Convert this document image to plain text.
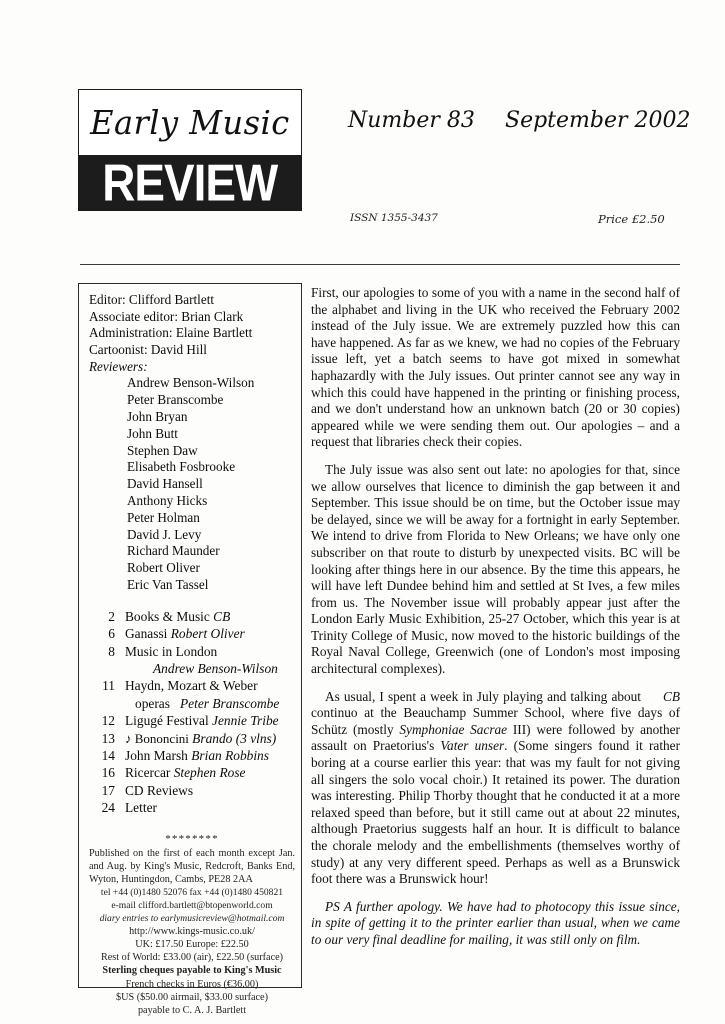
Early Music
REVIEW
Number 83 September 2002
ISSN 1355-3437	Price £2.50
Editor: Clifford Bartlett
Associate editor: Brian Clark
Administration: Elaine Bartlett
Cartoonist: David Hill
Reviewers:
Andrew Benson-Wilson
Peter Branscombe
John Bryan
John Butt
Stephen Daw
Elisabeth Fosbrooke
David Hansell
Anthony Hicks
Peter Holman
David J. Levy
Richard Maunder
Robert Oliver
Eric Van Tassel
2 Books & Music CB
6 Ganassi Robert Oliver
8 Music in London
Andrew Benson-Wilson
11 Haydn, Mozart & Weber
operas Peter Branscombe
12 Ligugé Festival Jennie Tribe
13 ♪ Bononcini Brando (3 vlns)
14 John Marsh Brian Robbins
16 Ricercar Stephen Rose
17 CD Reviews
24 Letter
********
Published on the first of each month except Jan. and Aug. by King's Music, Redcroft, Banks End, Wyton, Huntingdon, Cambs, PE28 2AA
tel +44 (0)1480 52076 fax +44 (0)1480 450821
e-mail clifford.bartlett@btopenworld.com
diary entries to earlymusicreview@hotmail.com
http://www.kings-music.co.uk/
UK: £17.50 Europe: £22.50
Rest of World: £33.00 (air), £22.50 (surface)
Sterling cheques payable to King's Music
French checks in Euros (€36.00)
$US ($50.00 airmail, $33.00 surface)
payable to C. A. J. Bartlett

First, our apologies to some of you with a name in the second half of the alphabet and living in the UK who received the February 2002 instead of the July issue. We are extremely puzzled how this can have happened. As far as we knew, we had no copies of the February issue left, yet a batch seems to have got mixed in somewhat haphazardly with the July issues. Out printer cannot see any way in which this could have happened in the printing or finishing process, and we don't understand how an unknown batch (20 or 30 copies) appeared while we were sending them out. Our apologies – and a request that libraries check their copies.

The July issue was also sent out late: no apologies for that, since we allow ourselves that licence to diminish the gap between it and September. This issue should be on time, but the October issue may be delayed, since we will be away for a fortnight in early September. We intend to drive from Florida to New Orleans; we have only one subscriber on that route to disturb by unexpected visits. BC will be looking after things here in our absence. By the time this appears, he will have left Dundee behind him and settled at St Ives, a few miles from us. The November issue will probably appear just after the London Early Music Exhibition, 25-27 October, which this year is at Trinity College of Music, now moved to the historic buildings of the Royal Naval College, Greenwich (one of London's most imposing architectural complexes).

CB
As usual, I spent a week in July playing and talking about continuo at the Beauchamp Summer School, where five days of Schütz (mostly Symphoniae Sacrae III) were followed by another assault on Praetorius's Vater unser. (Some singers found it rather boring at a course earlier this year: that was my fault for not giving all singers the solo vocal choir.) It retained its power. The duration was interesting. Philip Thorby thought that he conducted it at a more relaxed speed than before, but it still came out at about 22 minutes, although Praetorius suggests half an hour. It is difficult to balance the chorale melody and the embellishments (themselves worthy of study) at any very different speed. Perhaps as well as a Brunswick foot there was a Brunswick hour!

PS A further apology. We have had to photocopy this issue since, in spite of getting it to the printer earlier than usual, when we came to our very final deadline for mailing, it was still only on film.
